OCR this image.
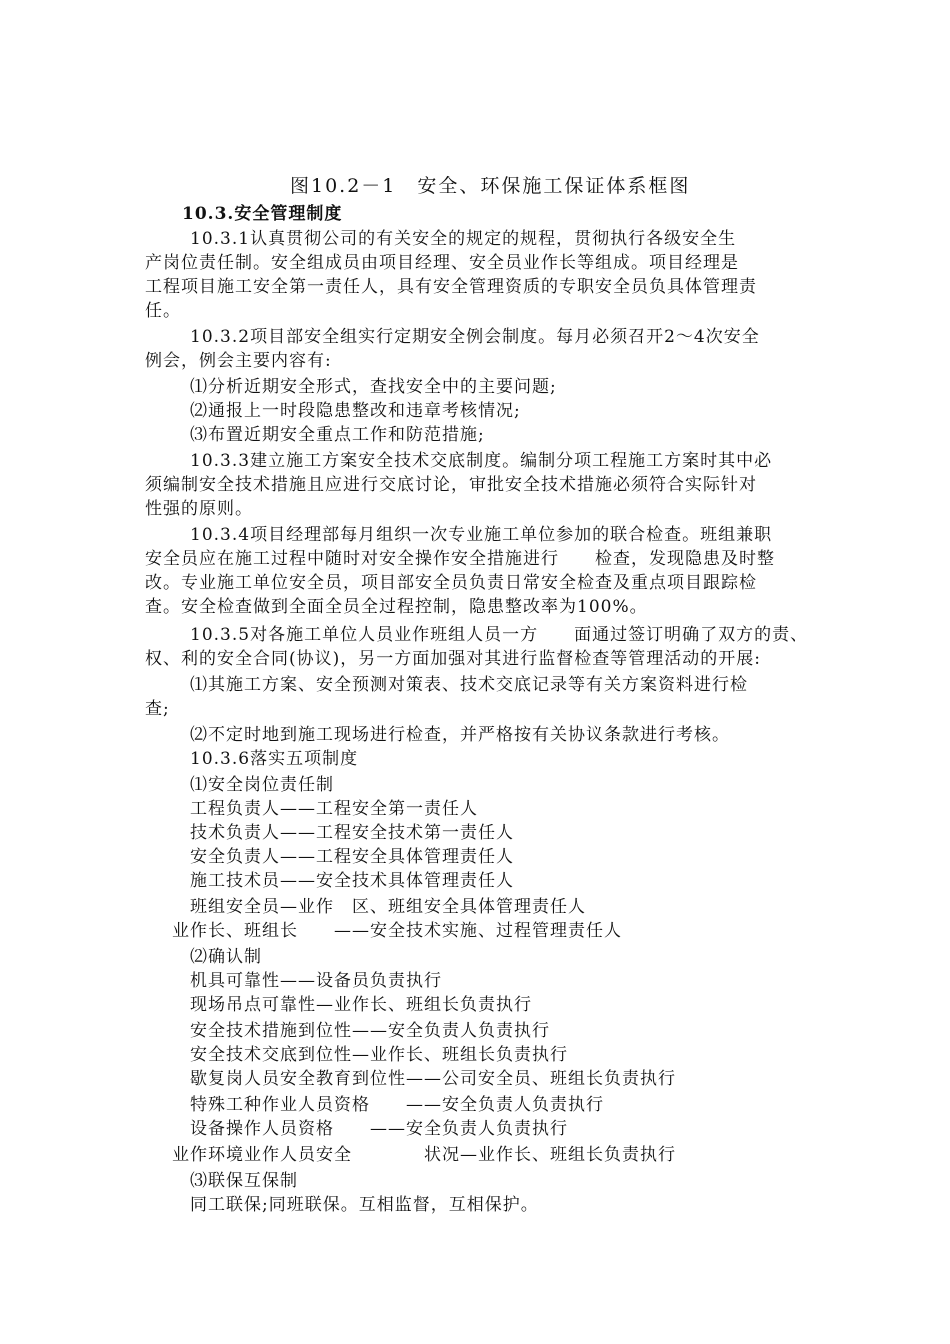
图10.2－1　安全、环保施工保证体系框图
10.3.安全管理制度
10.3.1认真贯彻公司的有关安全的规定的规程，贯彻执行各级安全生
产岗位责任制。安全组成员由项目经理、安全员业作长等组成。项目经理是
工程项目施工安全第一责任人，具有安全管理资质的专职安全员负具体管理责
任。
10.3.2项目部安全组实行定期安全例会制度。每月必须召开2～4次安全
例会，例会主要内容有:
⑴分析近期安全形式，查找安全中的主要问题;
⑵通报上一时段隐患整改和违章考核情况;
⑶布置近期安全重点工作和防范措施;
10.3.3建立施工方案安全技术交底制度。编制分项工程施工方案时其中必
须编制安全技术措施且应进行交底讨论，审批安全技术措施必须符合实际针对
性强的原则。
10.3.4项目经理部每月组织一次专业施工单位参加的联合检查。班组兼职
安全员应在施工过程中随时对安全操作安全措施进行　　检查，发现隐患及时整
改。专业施工单位安全员，项目部安全员负责日常安全检查及重点项目跟踪检
查。安全检查做到全面全员全过程控制，隐患整改率为100%。
10.3.5对各施工单位人员业作班组人员一方　　面通过签订明确了双方的责、
权、利的安全合同(协议)，另一方面加强对其进行监督检查等管理活动的开展:
⑴其施工方案、安全预测对策表、技术交底记录等有关方案资料进行检
查;
⑵不定时地到施工现场进行检查，并严格按有关协议条款进行考核。
10.3.6落实五项制度
⑴安全岗位责任制
工程负责人——工程安全第一责任人
技术负责人——工程安全技术第一责任人
安全负责人——工程安全具体管理责任人
施工技术员——安全技术具体管理责任人
班组安全员—业作　区、班组安全具体管理责任人
业作长、班组长　　——安全技术实施、过程管理责任人
⑵确认制
机具可靠性——设备员负责执行
现场吊点可靠性—业作长、班组长负责执行
安全技术措施到位性——安全负责人负责执行
安全技术交底到位性—业作长、班组长负责执行
歇复岗人员安全教育到位性——公司安全员、班组长负责执行
特殊工种作业人员资格　　——安全负责人负责执行
设备操作人员资格　　——安全负责人负责执行
业作环境业作人员安全　　　　状况—业作长、班组长负责执行
⑶联保互保制
同工联保;同班联保。互相监督，互相保护。
